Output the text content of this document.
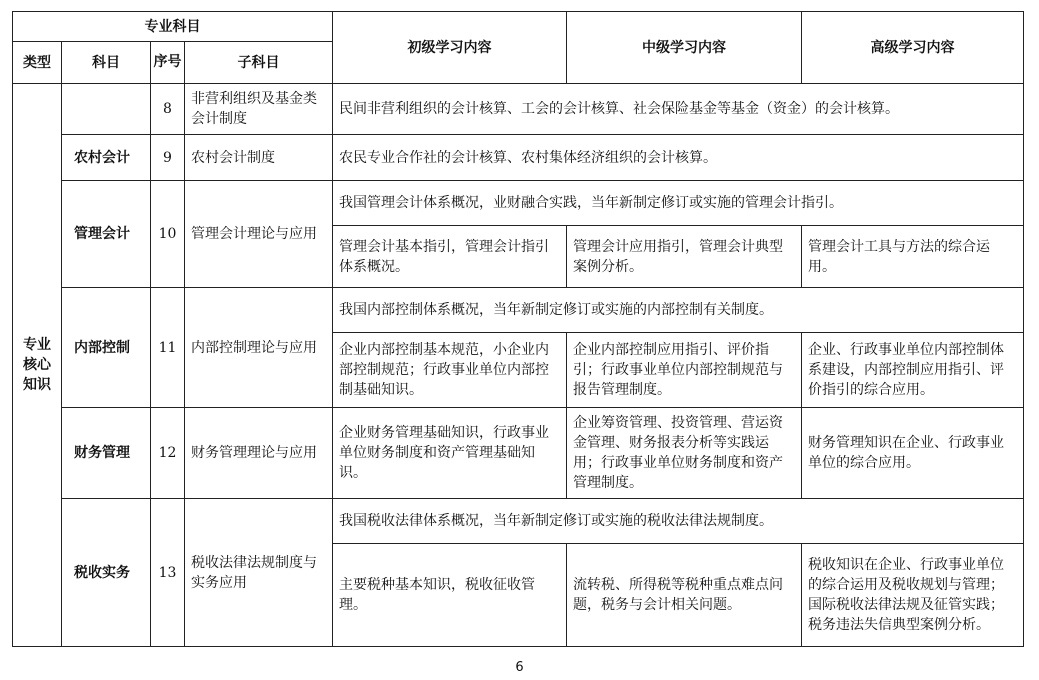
专业科目				初级学习内容	中级学习内容	高级学习内容
类型	科目	序号	子科目			

专业核心知识		8	非营利组织及基金类会计制度	民间非营利组织的会计核算、工会的会计核算、社会保险基金等基金（资金）的会计核算。		
	农村会计	9	农村会计制度	农民专业合作社的会计核算、农村集体经济组织的会计核算。		
	管理会计	10	管理会计理论与应用	我国管理会计体系概况，业财融合实践，当年新制定修订或实施的管理会计指引。		
				管理会计基本指引，管理会计指引体系概况。	管理会计应用指引，管理会计典型案例分析。	管理会计工具与方法的综合运用。
	内部控制	11	内部控制理论与应用	我国内部控制体系概况，当年新制定修订或实施的内部控制有关制度。		
				企业内部控制基本规范，小企业内部控制规范；行政事业单位内部控制基础知识。	企业内部控制应用指引、评价指引；行政事业单位内部控制规范与报告管理制度。	企业、行政事业单位内部控制体系建设，内部控制应用指引、评价指引的综合应用。
	财务管理	12	财务管理理论与应用	企业财务管理基础知识，行政事业单位财务制度和资产管理基础知识。	企业筹资管理、投资管理、营运资金管理、财务报表分析等实践运用；行政事业单位财务制度和资产管理制度。	财务管理知识在企业、行政事业单位的综合应用。
	税收实务	13	税收法律法规制度与实务应用	我国税收法律体系概况，当年新制定修订或实施的税收法律法规制度。		
				主要税种基本知识，税收征收管理。	流转税、所得税等税种重点难点问题，税务与会计相关问题。	税收知识在企业、行政事业单位的综合运用及税收规划与管理；国际税收法律法规及征管实践；税务违法失信典型案例分析。
6
